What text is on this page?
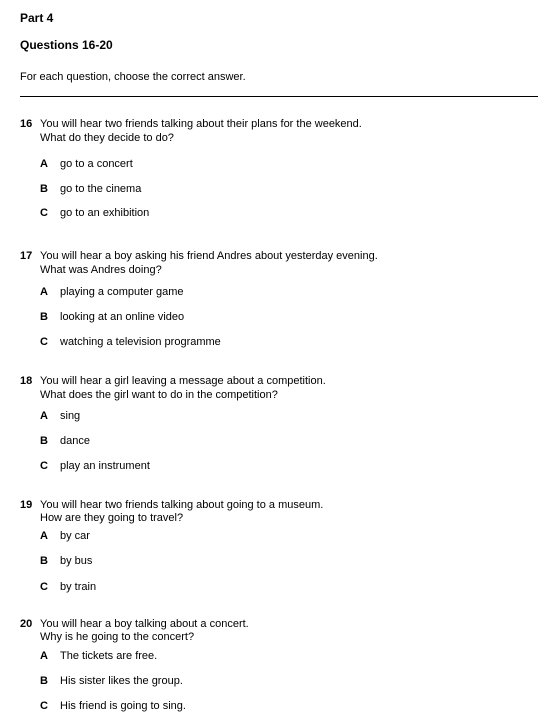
Part 4
Questions 16-20
For each question, choose the correct answer.
16 You will hear two friends talking about their plans for the weekend.
What do they decide to do?
A go to a concert
B go to the cinema
C go to an exhibition
17 You will hear a boy asking his friend Andres about yesterday evening.
What was Andres doing?
A playing a computer game
B looking at an online video
C watching a television programme
18 You will hear a girl leaving a message about a competition.
What does the girl want to do in the competition?
A sing
B dance
C play an instrument
19 You will hear two friends talking about going to a museum.
How are they going to travel?
A by car
B by bus
C by train
20 You will hear a boy talking about a concert.
Why is he going to the concert?
A The tickets are free.
B His sister likes the group.
C His friend is going to sing.
